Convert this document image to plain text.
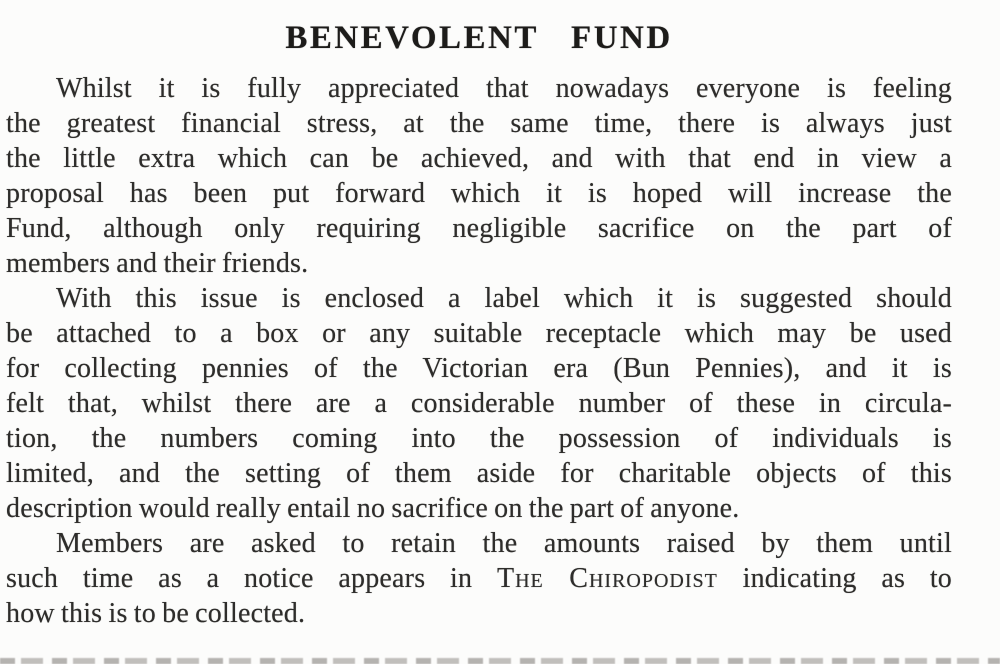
BENEVOLENT FUND
Whilst it is fully appreciated that nowadays everyone is feeling
the greatest financial stress, at the same time, there is always just
the little extra which can be achieved, and with that end in view a
proposal has been put forward which it is hoped will increase the
Fund, although only requiring negligible sacrifice on the part of
members and their friends.
With this issue is enclosed a label which it is suggested should
be attached to a box or any suitable receptacle which may be used
for collecting pennies of the Victorian era (Bun Pennies), and it is
felt that, whilst there are a considerable number of these in circula-
tion, the numbers coming into the possession of individuals is
limited, and the setting of them aside for charitable objects of this
description would really entail no sacrifice on the part of anyone.
Members are asked to retain the amounts raised by them until
such time as a notice appears in The Chiropodist indicating as to
how this is to be collected.
